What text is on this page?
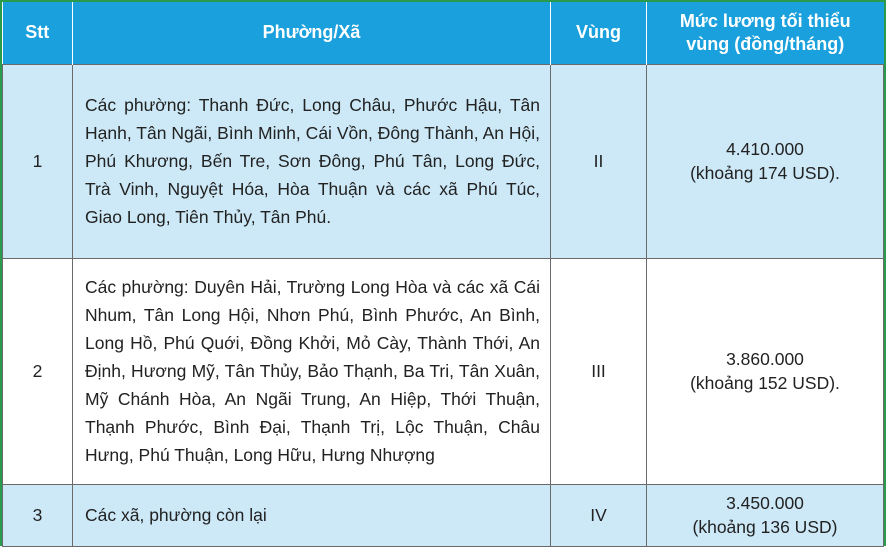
Stt	Phường/Xã	Vùng	Mức lương tối thiểu
vùng (đồng/tháng)

1	Các phường: Thanh Đức, Long Châu, Phước Hậu, Tân Hạnh, Tân Ngãi, Bình Minh, Cái Vồn, Đông Thành, An Hội, Phú Khương, Bến Tre, Sơn Đông, Phú Tân, Long Đức, Trà Vinh, Nguyệt Hóa, Hòa Thuận và các xã Phú Túc, Giao Long, Tiên Thủy, Tân Phú.	II	4.410.000
(khoảng 174 USD).

2	Các phường: Duyên Hải, Trường Long Hòa và các xã Cái Nhum, Tân Long Hội, Nhơn Phú, Bình Phước, An Bình, Long Hồ, Phú Quới, Đồng Khởi, Mỏ Cày, Thành Thới, An Định, Hương Mỹ, Tân Thủy, Bảo Thạnh, Ba Tri, Tân Xuân, Mỹ Chánh Hòa, An Ngãi Trung, An Hiệp, Thới Thuận, Thạnh Phước, Bình Đại, Thạnh Trị, Lộc Thuận, Châu Hưng, Phú Thuận, Long Hữu, Hưng Nhượng	III	3.860.000
(khoảng 152 USD).

3	Các xã, phường còn lại	IV	3.450.000
(khoảng 136 USD)
